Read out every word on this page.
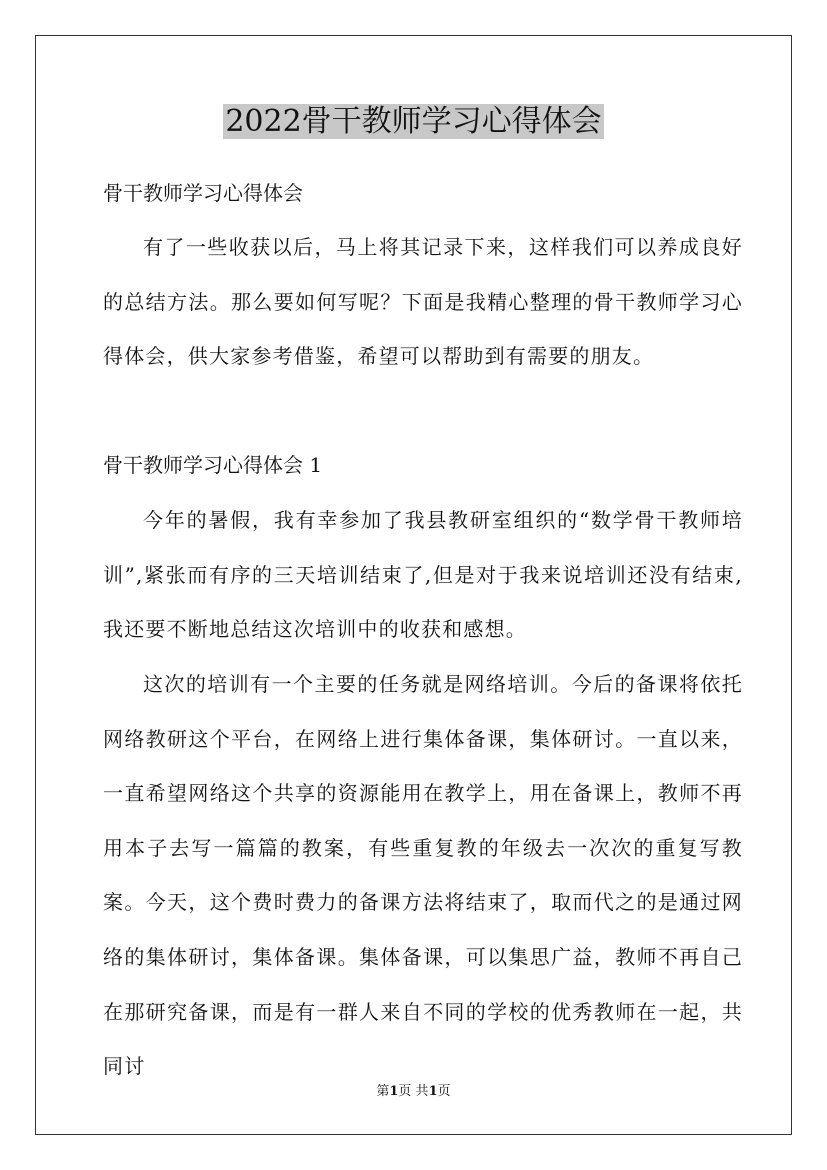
2022骨干教师学习心得体会

骨干教师学习心得体会

有了一些收获以后，马上将其记录下来，这样我们可以养成良好的总结方法。那么要如何写呢？下面是我精心整理的骨干教师学习心得体会，供大家参考借鉴，希望可以帮助到有需要的朋友。

骨干教师学习心得体会 1

今年的暑假，我有幸参加了我县教研室组织的“数学骨干教师培训”,紧张而有序的三天培训结束了,但是对于我来说培训还没有结束,我还要不断地总结这次培训中的收获和感想。

这次的培训有一个主要的任务就是网络培训。今后的备课将依托网络教研这个平台，在网络上进行集体备课，集体研讨。一直以来，一直希望网络这个共享的资源能用在教学上，用在备课上，教师不再用本子去写一篇篇的教案，有些重复教的年级去一次次的重复写教案。今天，这个费时费力的备课方法将结束了，取而代之的是通过网络的集体研讨，集体备课。集体备课，可以集思广益，教师不再自己在那研究备课，而是有一群人来自不同的学校的优秀教师在一起，共同讨

第1页 共1页
